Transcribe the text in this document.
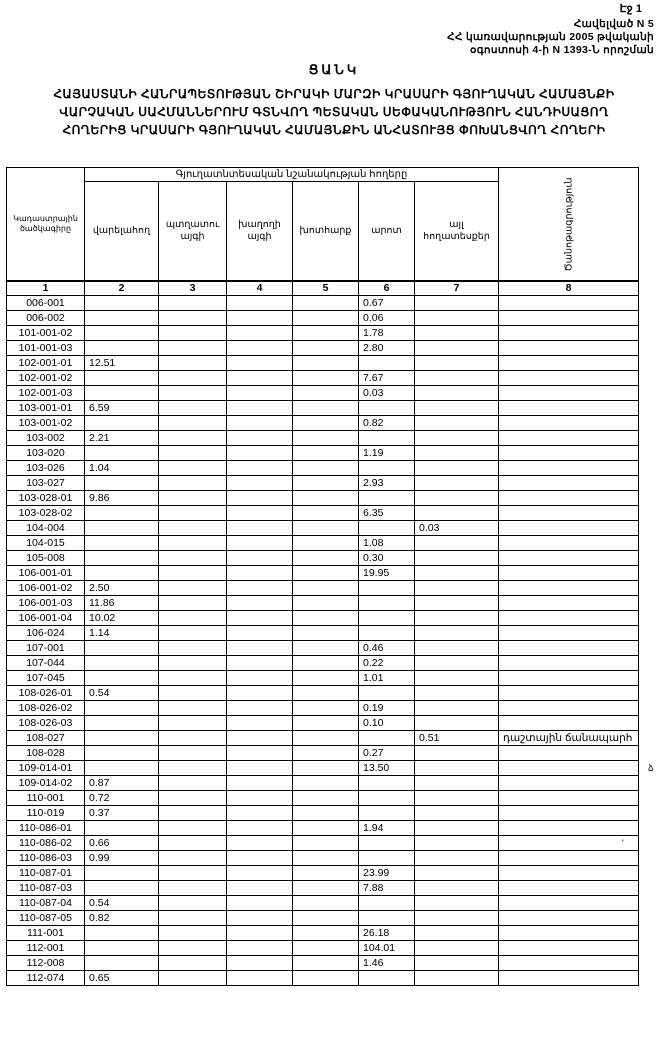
Էջ 1
Հավելված N 5
ՀՀ կառավարության 2005 թվականի
օգոստոսի 4-ի N 1393-Ն որոշման
ՑԱՆԿ
ՀԱՅԱՍՏԱՆԻ ՀԱՆՐԱՊԵՏՈՒԹՅԱՆ ՇԻՐԱԿԻ ՄԱՐԶԻ ԿՐԱՍԱՐԻ ԳՅՈՒՂԱԿԱՆ ՀԱՄԱՅՆՔԻ
ՎԱՐՉԱԿԱՆ ՍԱՀՄԱՆՆԵՐՈՒՄ ԳՏՆՎՈՂ ՊԵՏԱԿԱՆ ՍԵՓԱԿԱՆՈՒԹՅՈՒՆ ՀԱՆԴԻՍԱՑՈՂ
ՀՈՂԵՐԻՑ ԿՐԱՍԱՐԻ ԳՅՈՒՂԱԿԱՆ ՀԱՄԱՅՆՔԻՆ ԱՆՀԱՏՈՒՅՑ ՓՈԽԱՆՑՎՈՂ ՀՈՂԵՐԻ
Կադաստրային ծածկագիրը	Գյուղատնտեսական նշանակության հողերը						Ծանոթագրություն
	վարելահող	պտղատու այգի	խաղողի այգի	խոտհարք	արոտ	այլ հողատեսքեր	
1	2	3	4	5	6	7	8
006-001					0.67		
006-002					0.06		
101-001-02					1.78		
101-001-03					2.80		
102-001-01	12.51						
102-001-02					7.67		
102-001-03					0.03		
103-001-01	6.59						
103-001-02					0.82		
103-002	2.21						
103-020					1.19		
103-026	1.04						
103-027					2.93		
103-028-01	9.86						
103-028-02					6.35		
104-004						0.03	
104-015					1.08		
105-008					0.30		
106-001-01					19.95		
106-001-02	2.50						
106-001-03	11.86						
106-001-04	10.02						
106-024	1.14						
107-001					0.46		
107-044					0.22		
107-045					1.01		
108-026-01	0.54						
108-026-02					0.19		
108-026-03					0.10		
108-027						0.51	դաշտային ճանապարհ
108-028					0.27		
109-014-01					13.50		
109-014-02	0.87						
110-001	0.72						
110-019	0.37						
110-086-01					1.94		
110-086-02	0.66						
110-086-03	0.99						
110-087-01					23.99		
110-087-03					7.88		
110-087-04	0.54						
110-087-05	0.82						
111-001					26.18		
112-001					104.01		
112-008					1.46		
112-074	0.65						
ձ
'
